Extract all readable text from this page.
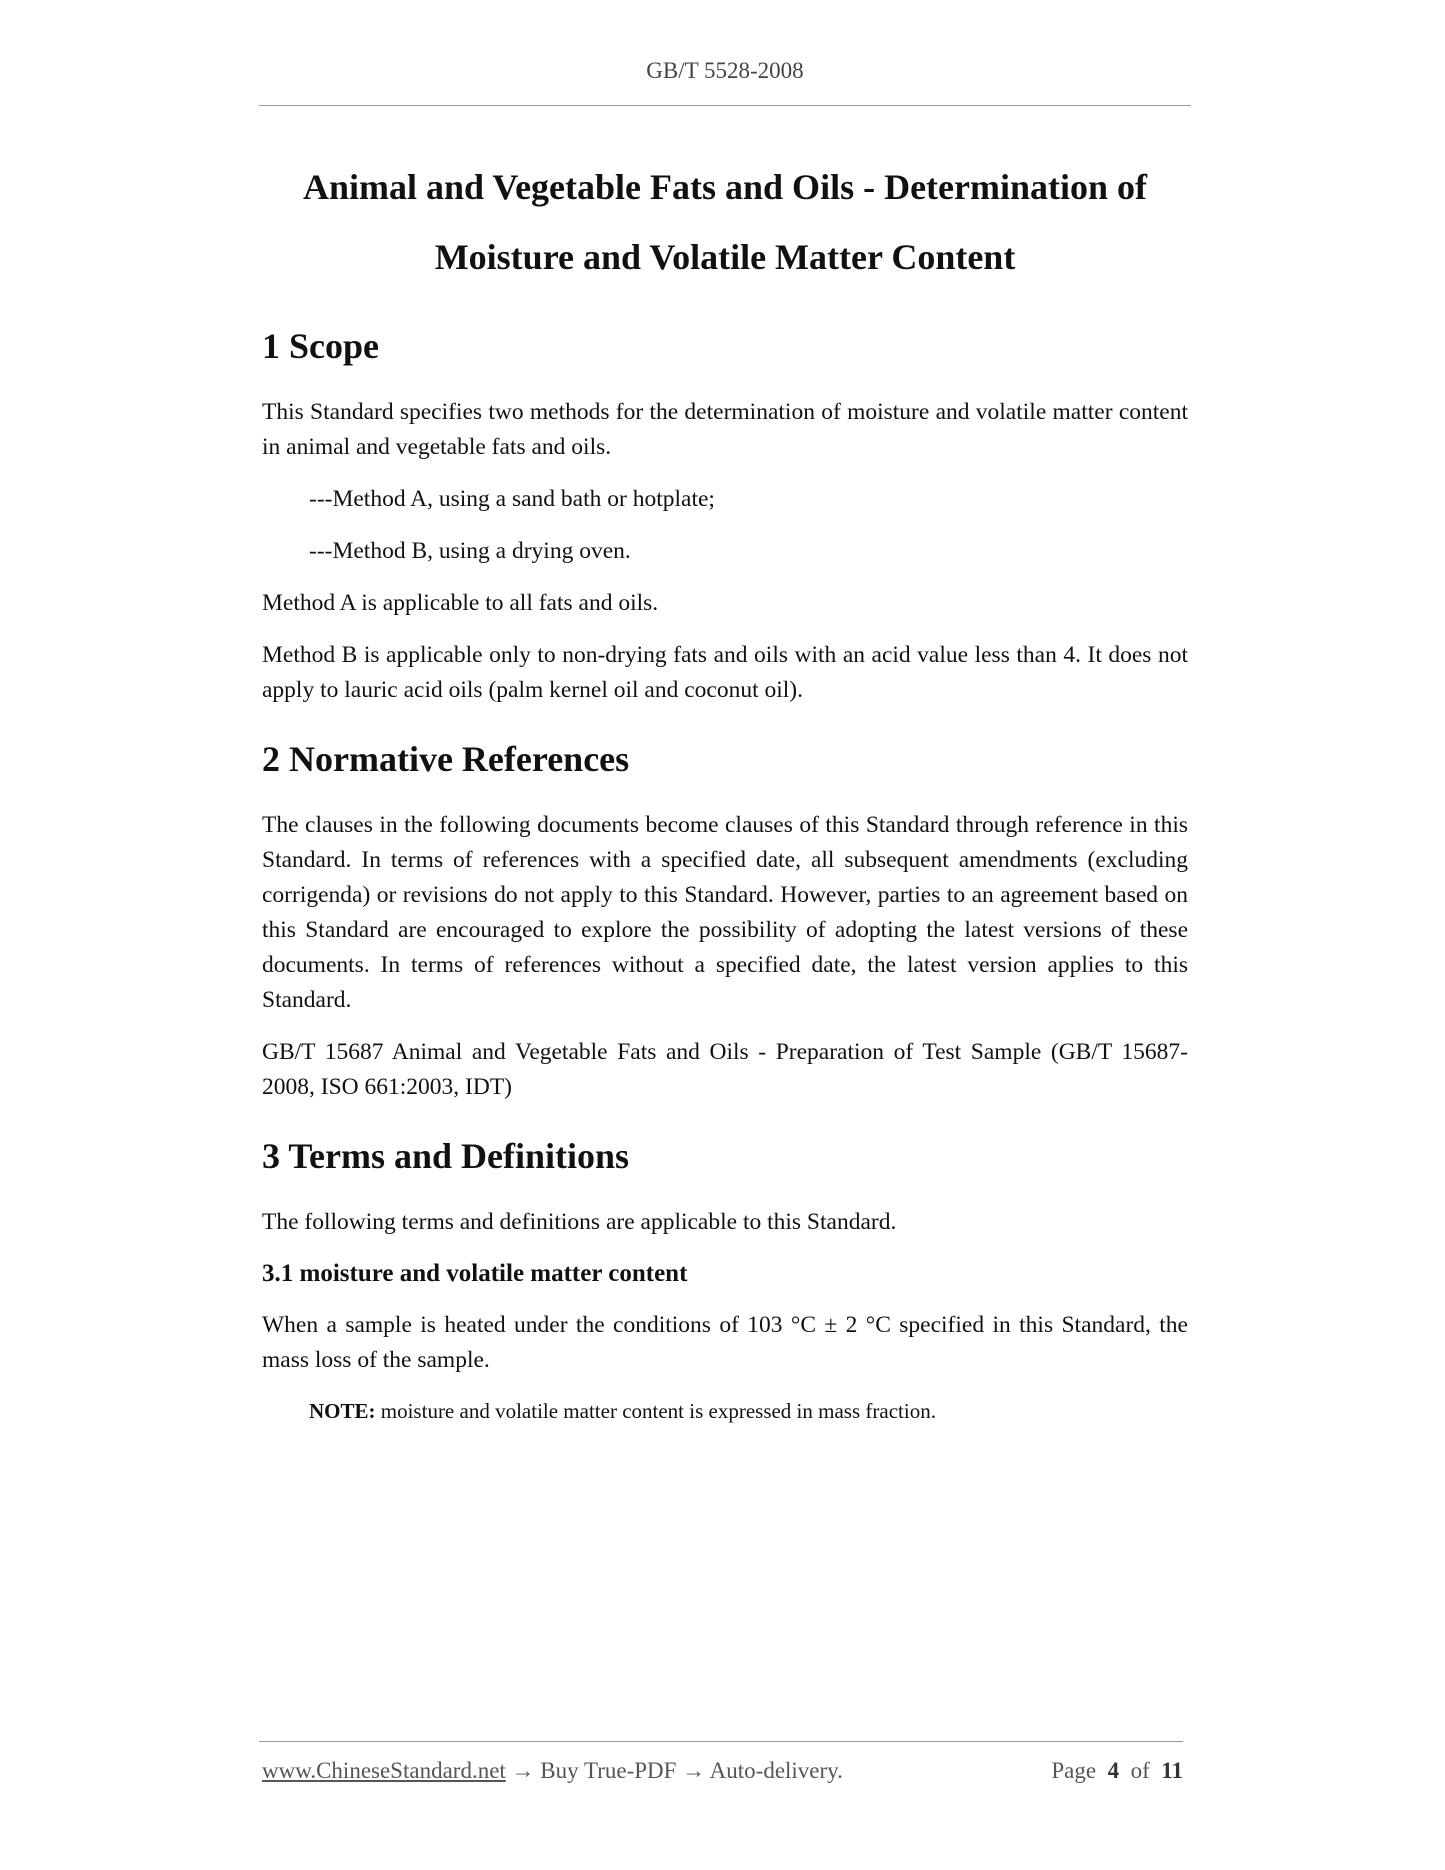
GB/T 5528-2008
Animal and Vegetable Fats and Oils - Determination of
Moisture and Volatile Matter Content
1 Scope

This Standard specifies two methods for the determination of moisture and volatile matter content in animal and vegetable fats and oils.

---Method A, using a sand bath or hotplate;

---Method B, using a drying oven.

Method A is applicable to all fats and oils.

Method B is applicable only to non-drying fats and oils with an acid value less than 4. It does not apply to lauric acid oils (palm kernel oil and coconut oil).

2 Normative References

The clauses in the following documents become clauses of this Standard through reference in this Standard. In terms of references with a specified date, all subsequent amendments (excluding corrigenda) or revisions do not apply to this Standard. However, parties to an agreement based on this Standard are encouraged to explore the possibility of adopting the latest versions of these documents. In terms of references without a specified date, the latest version applies to this Standard.

GB/T 15687 Animal and Vegetable Fats and Oils - Preparation of Test Sample (GB/T 15687-2008, ISO 661:2003, IDT)

3 Terms and Definitions

The following terms and definitions are applicable to this Standard.

3.1 moisture and volatile matter content

When a sample is heated under the conditions of 103 °C ± 2 °C specified in this Standard, the mass loss of the sample.

NOTE: moisture and volatile matter content is expressed in mass fraction.

www.ChineseStandard.net → Buy True-PDF → Auto-delivery.	Page 4 of 11
